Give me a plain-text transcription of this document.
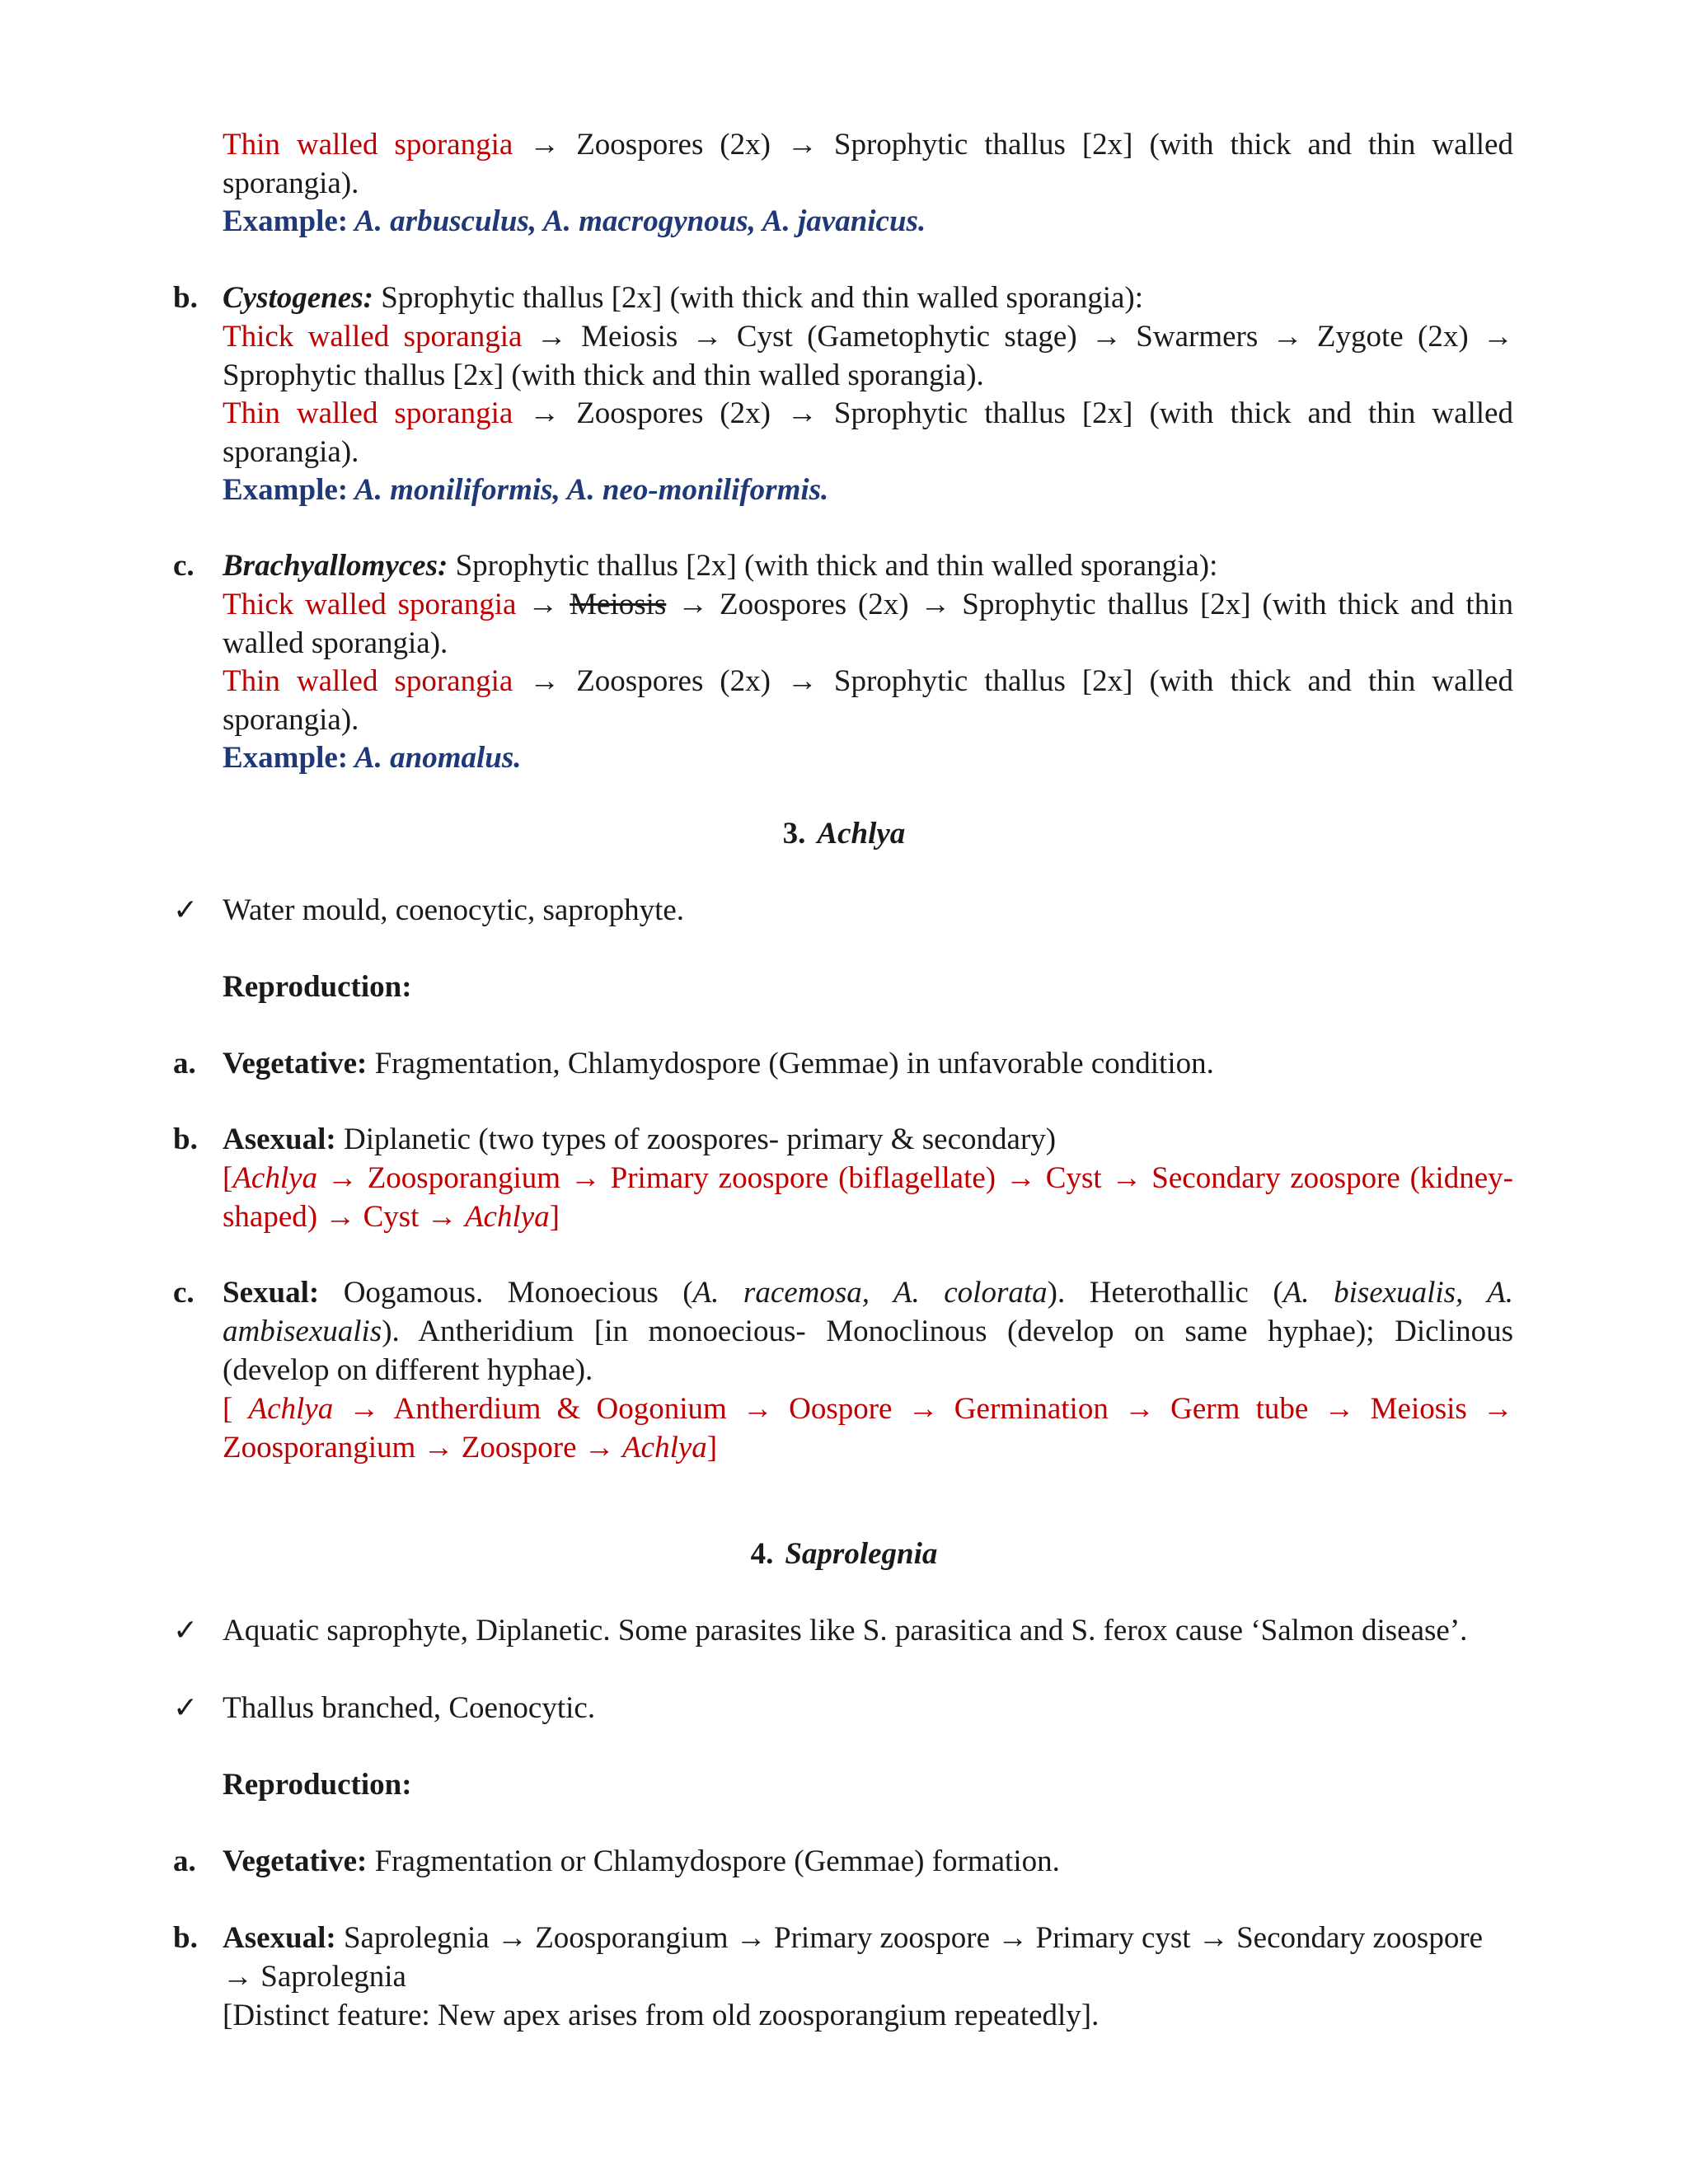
Thin walled sporangia → Zoospores (2x) → Sprophytic thallus [2x] (with thick and thin walled sporangia).
Example: A. arbusculus, A. macrogynous, A. javanicus.
b. Cystogenes: Sprophytic thallus [2x] (with thick and thin walled sporangia):
Thick walled sporangia → Meiosis → Cyst (Gametophytic stage) → Swarmers → Zygote (2x) → Sprophytic thallus [2x] (with thick and thin walled sporangia).
Thin walled sporangia → Zoospores (2x) → Sprophytic thallus [2x] (with thick and thin walled sporangia).
Example: A. moniliformis, A. neo-moniliformis.
c. Brachyallomyces: Sprophytic thallus [2x] (with thick and thin walled sporangia):
Thick walled sporangia → Meiosis → Zoospores (2x) → Sprophytic thallus [2x] (with thick and thin walled sporangia).
Thin walled sporangia → Zoospores (2x) → Sprophytic thallus [2x] (with thick and thin walled sporangia).
Example: A. anomalus.
3. Achlya
✓ Water mould, coenocytic, saprophyte.
Reproduction:
a. Vegetative: Fragmentation, Chlamydospore (Gemmae) in unfavorable condition.
b. Asexual: Diplanetic (two types of zoospores- primary & secondary)
[Achlya → Zoosporangium → Primary zoospore (biflagellate) → Cyst → Secondary zoospore (kidney-shaped) → Cyst → Achlya]
c. Sexual: Oogamous. Monoecious (A. racemosa, A. colorata). Heterothallic (A. bisexualis, A. ambisexualis). Antheridium [in monoecious- Monoclinous (develop on same hyphae); Diclinous (develop on different hyphae).
[ Achlya → Antherdium & Oogonium → Oospore → Germination → Germ tube → Meiosis → Zoosporangium → Zoospore → Achlya]
4. Saprolegnia
✓ Aquatic saprophyte, Diplanetic. Some parasites like S. parasitica and S. ferox cause ‘Salmon disease’.
✓ Thallus branched, Coenocytic.
Reproduction:
a. Vegetative: Fragmentation or Chlamydospore (Gemmae) formation.
b. Asexual: Saprolegnia → Zoosporangium → Primary zoospore → Primary cyst → Secondary zoospore → Saprolegnia
[Distinct feature: New apex arises from old zoosporangium repeatedly].
